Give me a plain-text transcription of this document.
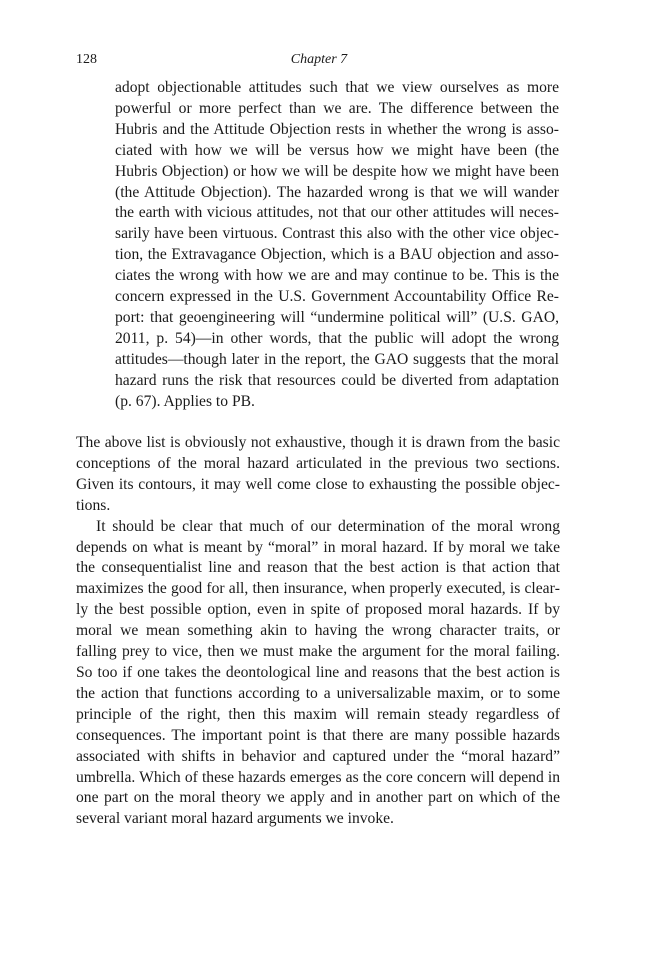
128	Chapter 7

adopt objectionable attitudes such that we view ourselves as more powerful or more perfect than we are. The difference between the Hubris and the Attitude Objection rests in whether the wrong is associated with how we will be versus how we might have been (the Hubris Objection) or how we will be despite how we might have been (the Attitude Objection). The hazarded wrong is that we will wander the earth with vicious attitudes, not that our other attitudes will necessarily have been virtuous. Contrast this also with the other vice objection, the Extravagance Objection, which is a BAU objection and associates the wrong with how we are and may continue to be. This is the concern expressed in the U.S. Government Accountability Office Report: that geoengineering will “undermine political will” (U.S. GAO, 2011, p. 54)—in other words, that the public will adopt the wrong attitudes—though later in the report, the GAO suggests that the moral hazard runs the risk that resources could be diverted from adaptation (p. 67). Applies to PB.

The above list is obviously not exhaustive, though it is drawn from the basic conceptions of the moral hazard articulated in the previous two sections. Given its contours, it may well come close to exhausting the possible objections.

It should be clear that much of our determination of the moral wrong depends on what is meant by “moral” in moral hazard. If by moral we take the consequentialist line and reason that the best action is that action that maximizes the good for all, then insurance, when properly executed, is clearly the best possible option, even in spite of proposed moral hazards. If by moral we mean something akin to having the wrong character traits, or falling prey to vice, then we must make the argument for the moral failing. So too if one takes the deontological line and reasons that the best action is the action that functions according to a universalizable maxim, or to some principle of the right, then this maxim will remain steady regardless of consequences. The important point is that there are many possible hazards associated with shifts in behavior and captured under the “moral hazard” umbrella. Which of these hazards emerges as the core concern will depend in one part on the moral theory we apply and in another part on which of the several variant moral hazard arguments we invoke.
